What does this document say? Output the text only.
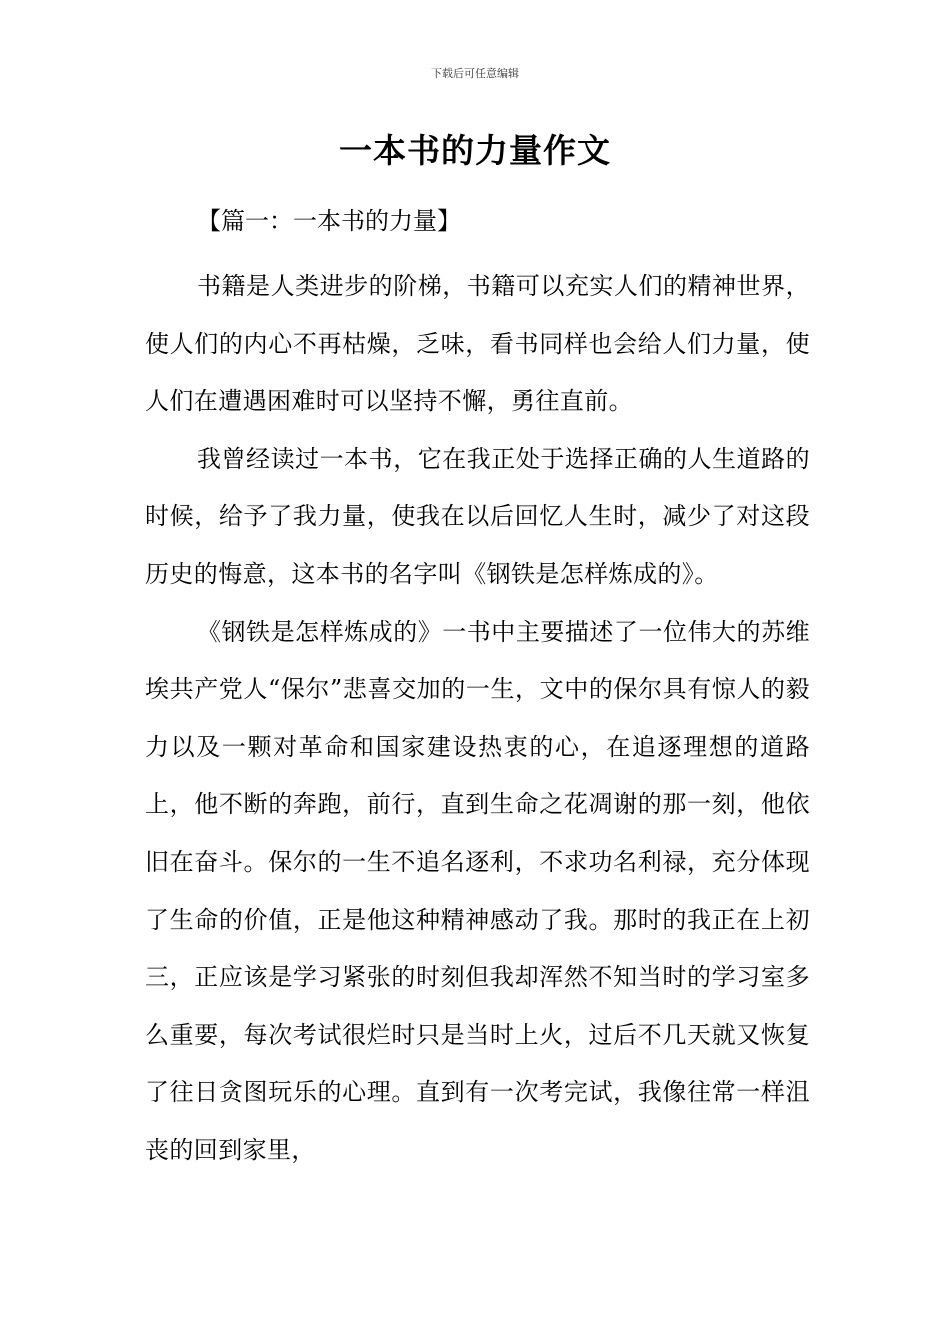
下载后可任意编辑
一本书的力量作文
【篇一：一本书的力量】

书籍是人类进步的阶梯，书籍可以充实人们的精神世界，使人们的内心不再枯燥，乏味，看书同样也会给人们力量，使人们在遭遇困难时可以坚持不懈，勇往直前。

我曾经读过一本书，它在我正处于选择正确的人生道路的时候，给予了我力量，使我在以后回忆人生时，减少了对这段历史的悔意，这本书的名字叫《钢铁是怎样炼成的》。

《钢铁是怎样炼成的》一书中主要描述了一位伟大的苏维埃共产党人“保尔”悲喜交加的一生，文中的保尔具有惊人的毅力以及一颗对革命和国家建设热衷的心，在追逐理想的道路上，他不断的奔跑，前行，直到生命之花凋谢的那一刻，他依旧在奋斗。保尔的一生不追名逐利，不求功名利禄，充分体现了生命的价值，正是他这种精神感动了我。那时的我正在上初三，正应该是学习紧张的时刻但我却浑然不知当时的学习室多么重要，每次考试很烂时只是当时上火，过后不几天就又恢复了往日贪图玩乐的心理。直到有一次考完试，我像往常一样沮丧的回到家里，
